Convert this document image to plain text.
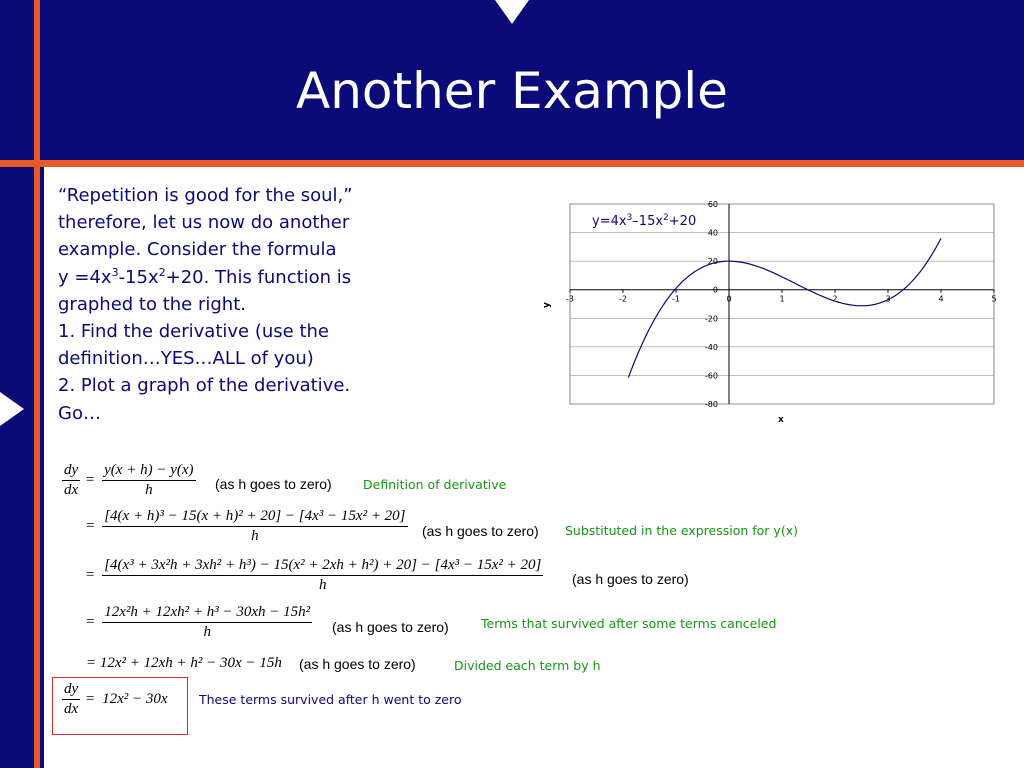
Another Example
“Repetition is good for the soul,”
therefore, let us now do another
example. Consider the formula
$y =4x^3-15x^2+20$. This function is
graphed to the right.
1. Find the derivative (use the
definition…YES…ALL of you)
2. Plot a graph of the derivative.
Go…
60
40
20
0
-20
-40
-60
-80
-3	-2	-1	0	1	2	3	4	5
$y=4x^3-15x^2+20$
y
x
$\frac{dy}{dx} = \frac{y(x + h) - y(x)}{h} (as$ h goes to zero)	Definition of derivative
= $\frac{\text{[4(x + h)³ − 15(x + h)² + 20] − [4x³ − 15x² + 20]}}{h} (as$ h goes to zero) Substituted in the expression for y(x)
=
[4(x³ + 3x²h + 3xh² + h³) − 15(x² + 2xh + h²) + 20] − [4x³ − 15x² + 20]
h	(as h goes to zero)
= $\frac{\text{12x²h + 12xh² + h³ − 30xh − 15h²}}{h} (as$ h goes to zero)	Terms that survived after some terms canceled
= 12x² + 12xh + h² − 30x − 15h (as h goes to zero)	Divided each term by h
$\frac{dy}{dx} = 12x^2 - 30x$	These terms survived after h went to zero
